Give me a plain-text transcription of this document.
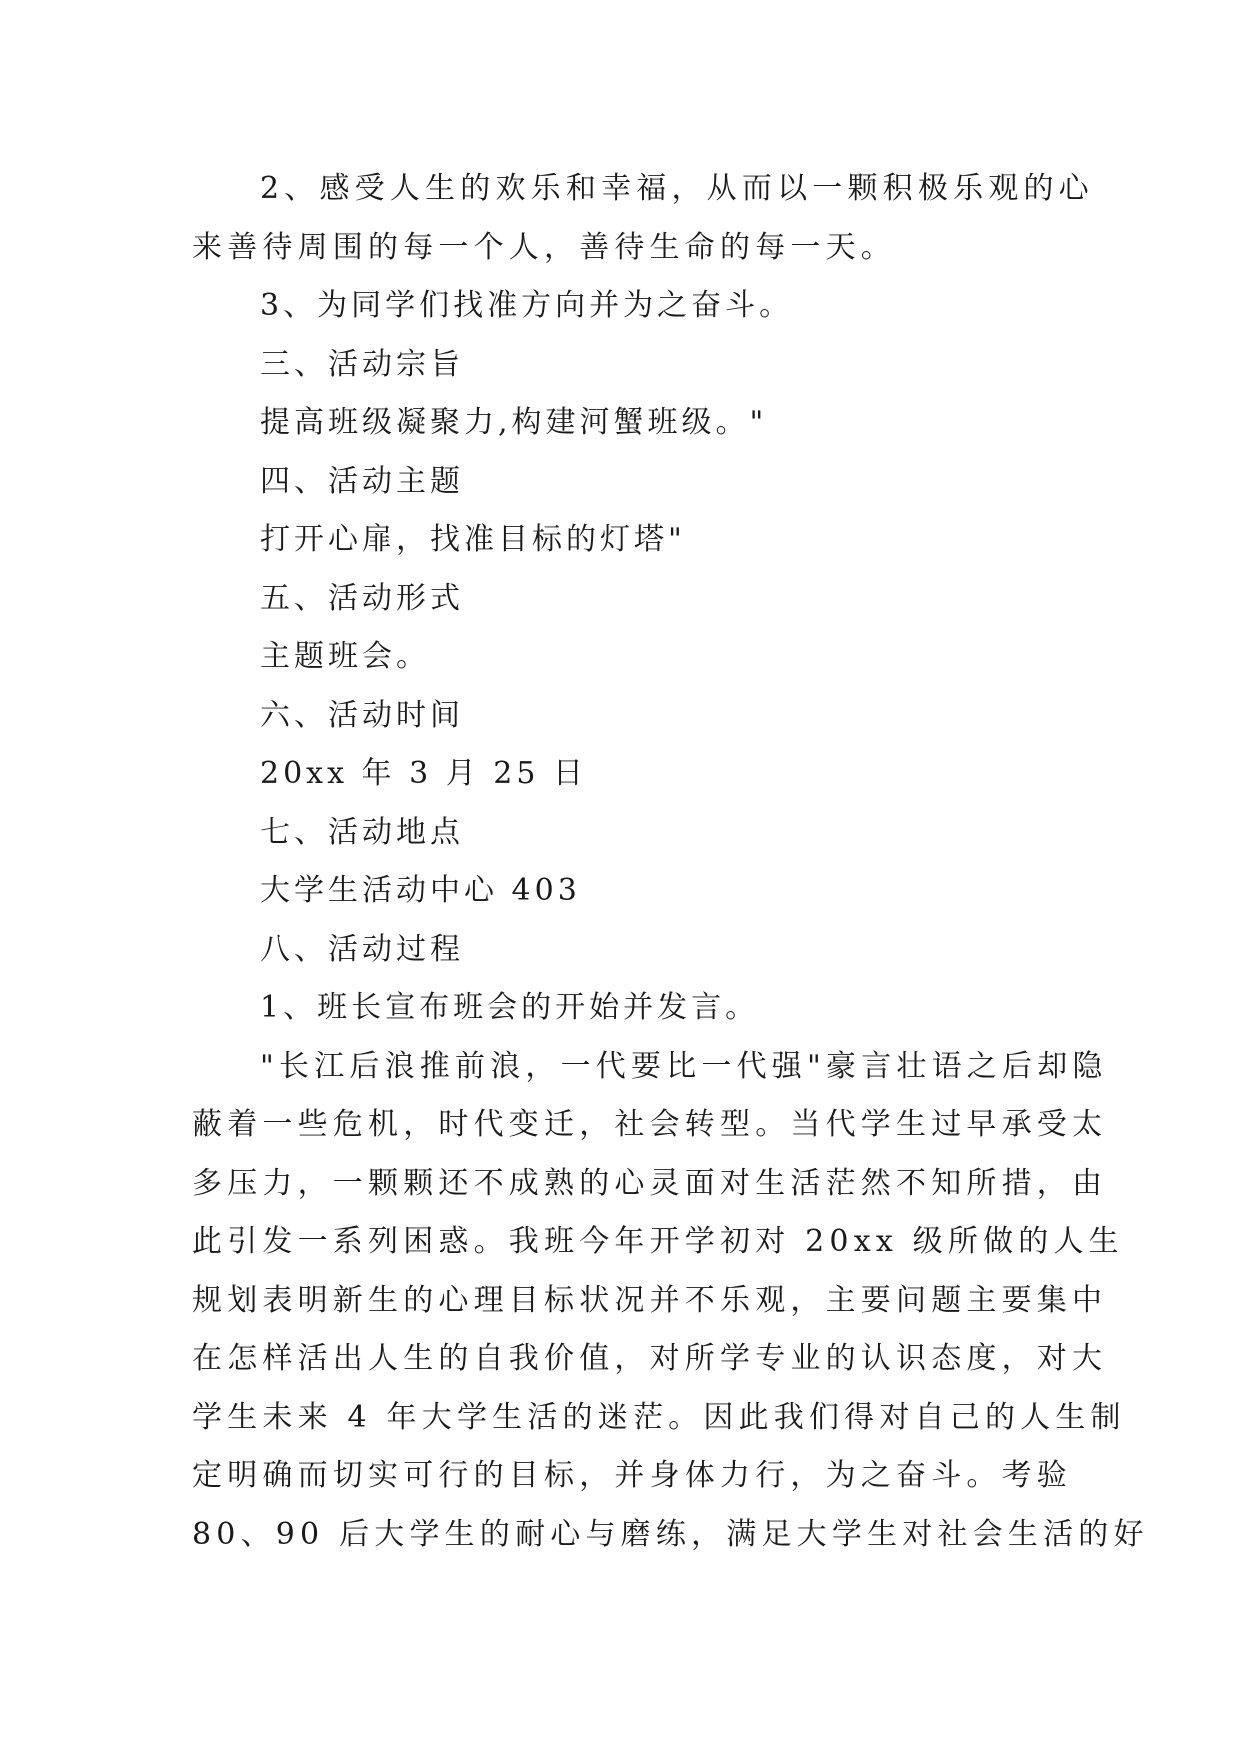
2、感受人生的欢乐和幸福，从而以一颗积极乐观的心
来善待周围的每一个人，善待生命的每一天。

3、为同学们找准方向并为之奋斗。

三、活动宗旨

提高班级凝聚力,构建河蟹班级。"

四、活动主题

打开心扉，找准目标的灯塔"

五、活动形式

主题班会。

六、活动时间

20xx 年 3 月 25 日

七、活动地点

大学生活动中心 403

八、活动过程

1、班长宣布班会的开始并发言。

"长江后浪推前浪，一代要比一代强"豪言壮语之后却隐
蔽着一些危机，时代变迁，社会转型。当代学生过早承受太
多压力，一颗颗还不成熟的心灵面对生活茫然不知所措，由
此引发一系列困惑。我班今年开学初对 20xx 级所做的人生
规划表明新生的心理目标状况并不乐观，主要问题主要集中
在怎样活出人生的自我价值，对所学专业的认识态度，对大
学生未来 4 年大学生活的迷茫。因此我们得对自己的人生制
定明确而切实可行的目标，并身体力行，为之奋斗。考验
80、90 后大学生的耐心与磨练，满足大学生对社会生活的好
